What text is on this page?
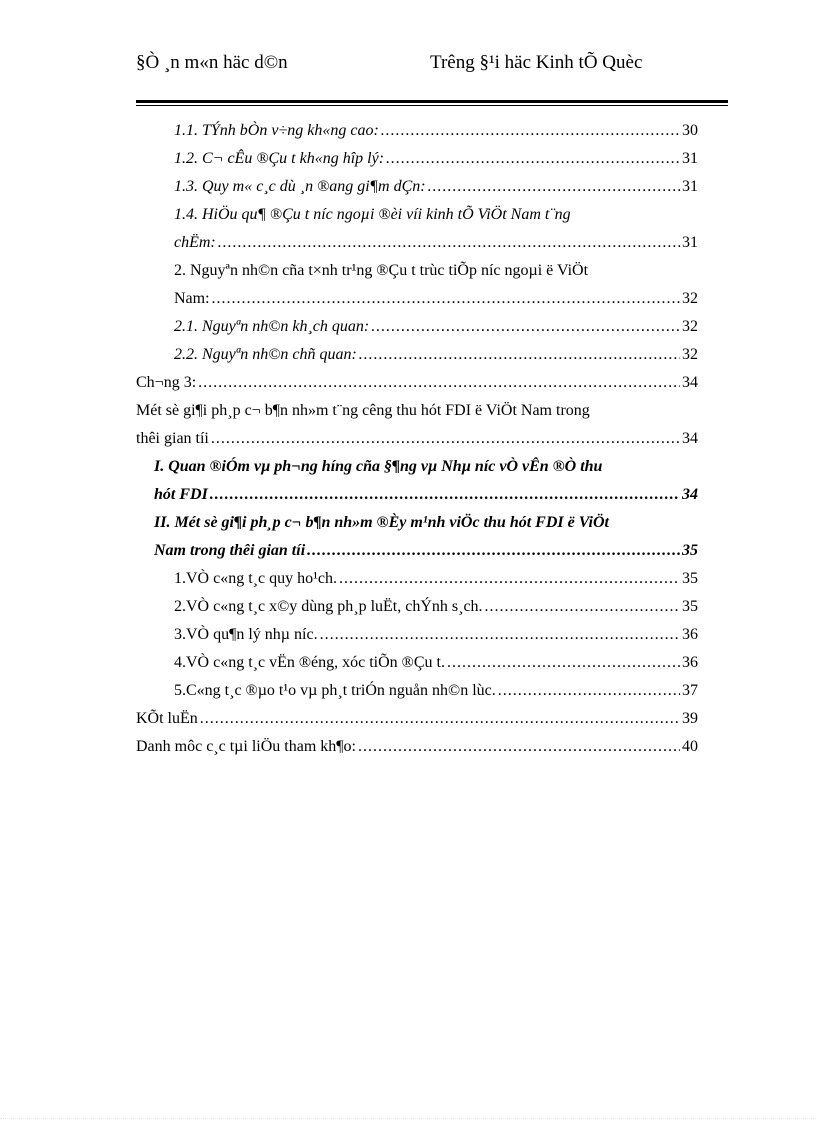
§Ò ¸n m«n häc d©n	Trêng §¹i häc Kinh tÕ Quèc
1.1. TÝnh bÒn v÷ng kh«ng cao: .....	30
1.2. C¬ cÊu ®Çu t kh«ng hîp lý: .....	31
1.3. Quy m« c¸c dù ¸n ®ang gi¶m dÇn: .....	31
1.4. HiÖu qu¶ ®Çu t níc ngoµi ®èi víi kinh tÕ ViÖt Nam t¨ng
chËm: .....	31
2. Nguyªn nh©n cña t×nh tr¹ng ®Çu t trùc tiÕp níc ngoµi ë ViÖt
Nam: .....	32
2.1. Nguyªn nh©n kh¸ch quan: .....	32
2.2. Nguyªn nh©n chñ quan: .....	32
Ch¬ng 3: .....	34
Mét sè gi¶i ph¸p c¬ b¶n nh»m t¨ng cêng thu hót FDI ë ViÖt Nam trong
thêi gian tíi .....	34
I. Quan ®iÓm vµ ph¬ng híng cña §¶ng vµ Nhµ níc vÒ vÊn ®Ò thu
hót FDI .....	34
II. Mét sè gi¶i ph¸p c¬ b¶n nh»m ®Èy m¹nh viÖc thu hót FDI ë ViÖt
Nam trong thêi gian tíi .....	35
1.VÒ c«ng t¸c quy ho¹ch. .....	35
2.VÒ c«ng t¸c x©y dùng ph¸p luËt, chÝnh s¸ch. .....	35
3.VÒ qu¶n lý nhµ níc. .....	36
4.VÒ c«ng t¸c vËn ®éng, xóc tiÕn ®Çu t. .....	36
5.C«ng t¸c ®µo t¹o vµ ph¸t triÓn nguån nh©n lùc. .....	37
KÕt luËn .....	39
Danh môc c¸c tµi liÖu tham kh¶o: .....	40
